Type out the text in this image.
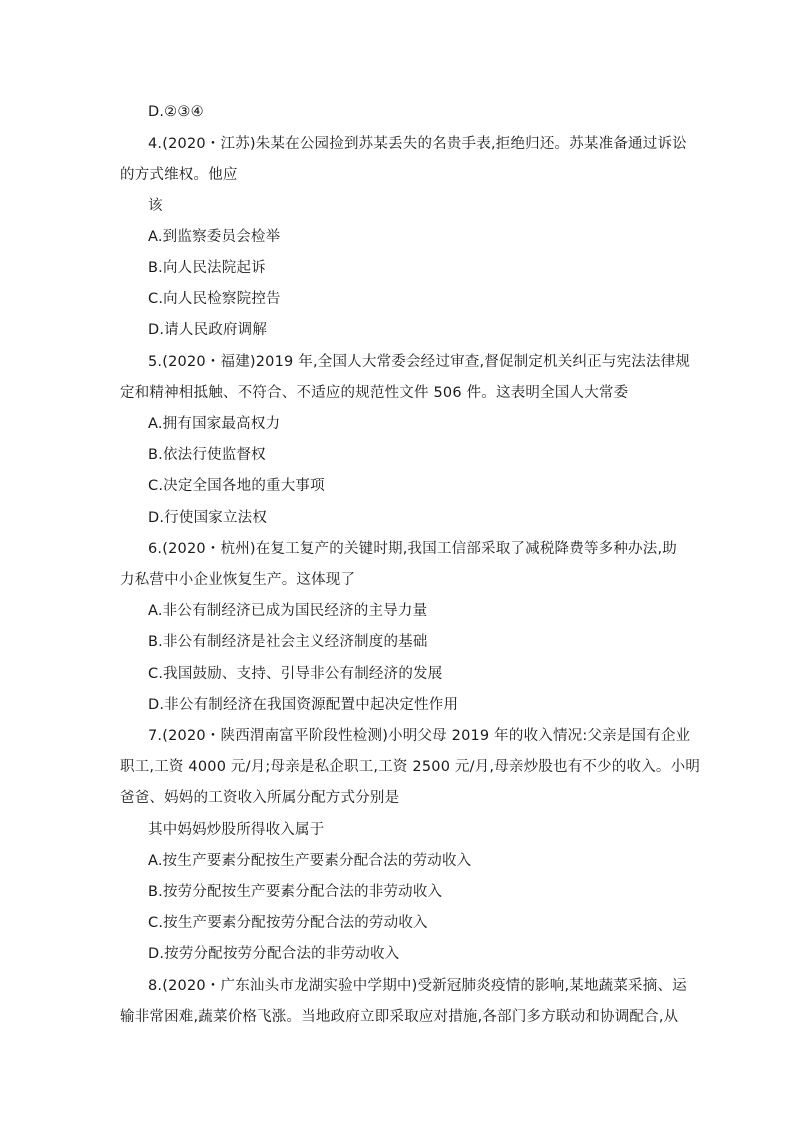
D.②③④
4.(2020・江苏)朱某在公园捡到苏某丢失的名贵手表,拒绝归还。苏某准备通过诉讼
的方式维权。他应
该
A.到监察委员会检举
B.向人民法院起诉
C.向人民检察院控告
D.请人民政府调解
5.(2020・福建)2019 年,全国人大常委会经过审查,督促制定机关纠正与宪法法律规
定和精神相抵触、不符合、不适应的规范性文件 506 件。这表明全国人大常委
A.拥有国家最高权力
B.依法行使监督权
C.决定全国各地的重大事项
D.行使国家立法权
6.(2020・杭州)在复工复产的关键时期,我国工信部采取了减税降费等多种办法,助
力私营中小企业恢复生产。这体现了
A.非公有制经济已成为国民经济的主导力量
B.非公有制经济是社会主义经济制度的基础
C.我国鼓励、支持、引导非公有制经济的发展
D.非公有制经济在我国资源配置中起决定性作用
7.(2020・陕西渭南富平阶段性检测)小明父母 2019 年的收入情况:父亲是国有企业
职工,工资 4000 元/月;母亲是私企职工,工资 2500 元/月,母亲炒股也有不少的收入。小明
爸爸、妈妈的工资收入所属分配方式分别是
其中妈妈炒股所得收入属于
A.按生产要素分配按生产要素分配合法的劳动收入
B.按劳分配按生产要素分配合法的非劳动收入
C.按生产要素分配按劳分配合法的劳动收入
D.按劳分配按劳分配合法的非劳动收入
8.(2020・广东汕头市龙湖实验中学期中)受新冠肺炎疫情的影响,某地蔬菜采摘、运
输非常困难,蔬菜价格飞涨。当地政府立即采取应对措施,各部门多方联动和协调配合,从
